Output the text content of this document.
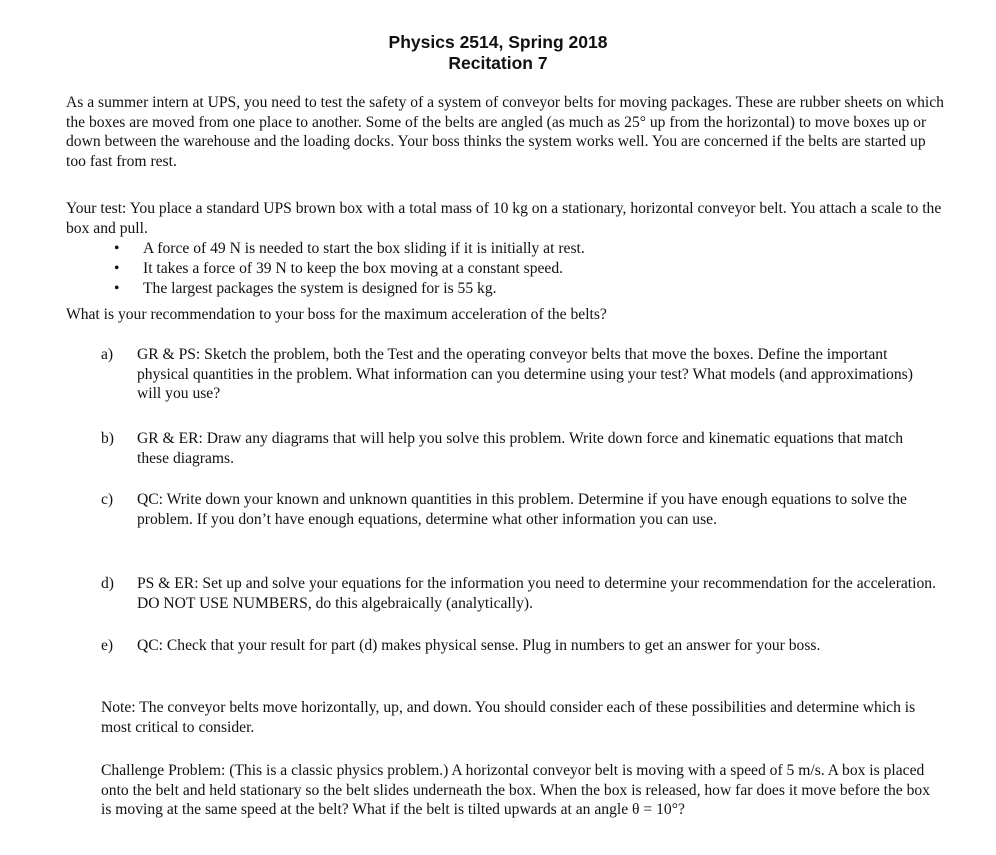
Physics 2514, Spring 2018
Recitation 7

As a summer intern at UPS, you need to test the safety of a system of conveyor belts for moving packages. These are rubber sheets on which the boxes are moved from one place to another. Some of the belts are angled (as much as 25° up from the horizontal) to move boxes up or down between the warehouse and the loading docks. Your boss thinks the system works well. You are concerned if the belts are started up too fast from rest.

Your test: You place a standard UPS brown box with a total mass of 10 kg on a stationary, horizontal conveyor belt. You attach a scale to the box and pull.

• A force of 49 N is needed to start the box sliding if it is initially at rest.
• It takes a force of 39 N to keep the box moving at a constant speed.
• The largest packages the system is designed for is 55 kg.

What is your recommendation to your boss for the maximum acceleration of the belts?

a)	GR & PS: Sketch the problem, both the Test and the operating conveyor belts that move the boxes. Define the important physical quantities in the problem. What information can you determine using your test? What models (and approximations) will you use?
b)	GR & ER: Draw any diagrams that will help you solve this problem. Write down force and kinematic equations that match these diagrams.
c)	QC: Write down your known and unknown quantities in this problem. Determine if you have enough equations to solve the problem. If you don’t have enough equations, determine what other information you can use.
d)	PS & ER: Set up and solve your equations for the information you need to determine your recommendation for the acceleration. DO NOT USE NUMBERS, do this algebraically (analytically).
e)	QC: Check that your result for part (d) makes physical sense. Plug in numbers to get an answer for your boss.

Note: The conveyor belts move horizontally, up, and down. You should consider each of these possibilities and determine which is most critical to consider.

Challenge Problem: (This is a classic physics problem.) A horizontal conveyor belt is moving with a speed of 5 m/s. A box is placed onto the belt and held stationary so the belt slides underneath the box. When the box is released, how far does it move before the box is moving at the same speed at the belt? What if the belt is tilted upwards at an angle θ = 10°?
